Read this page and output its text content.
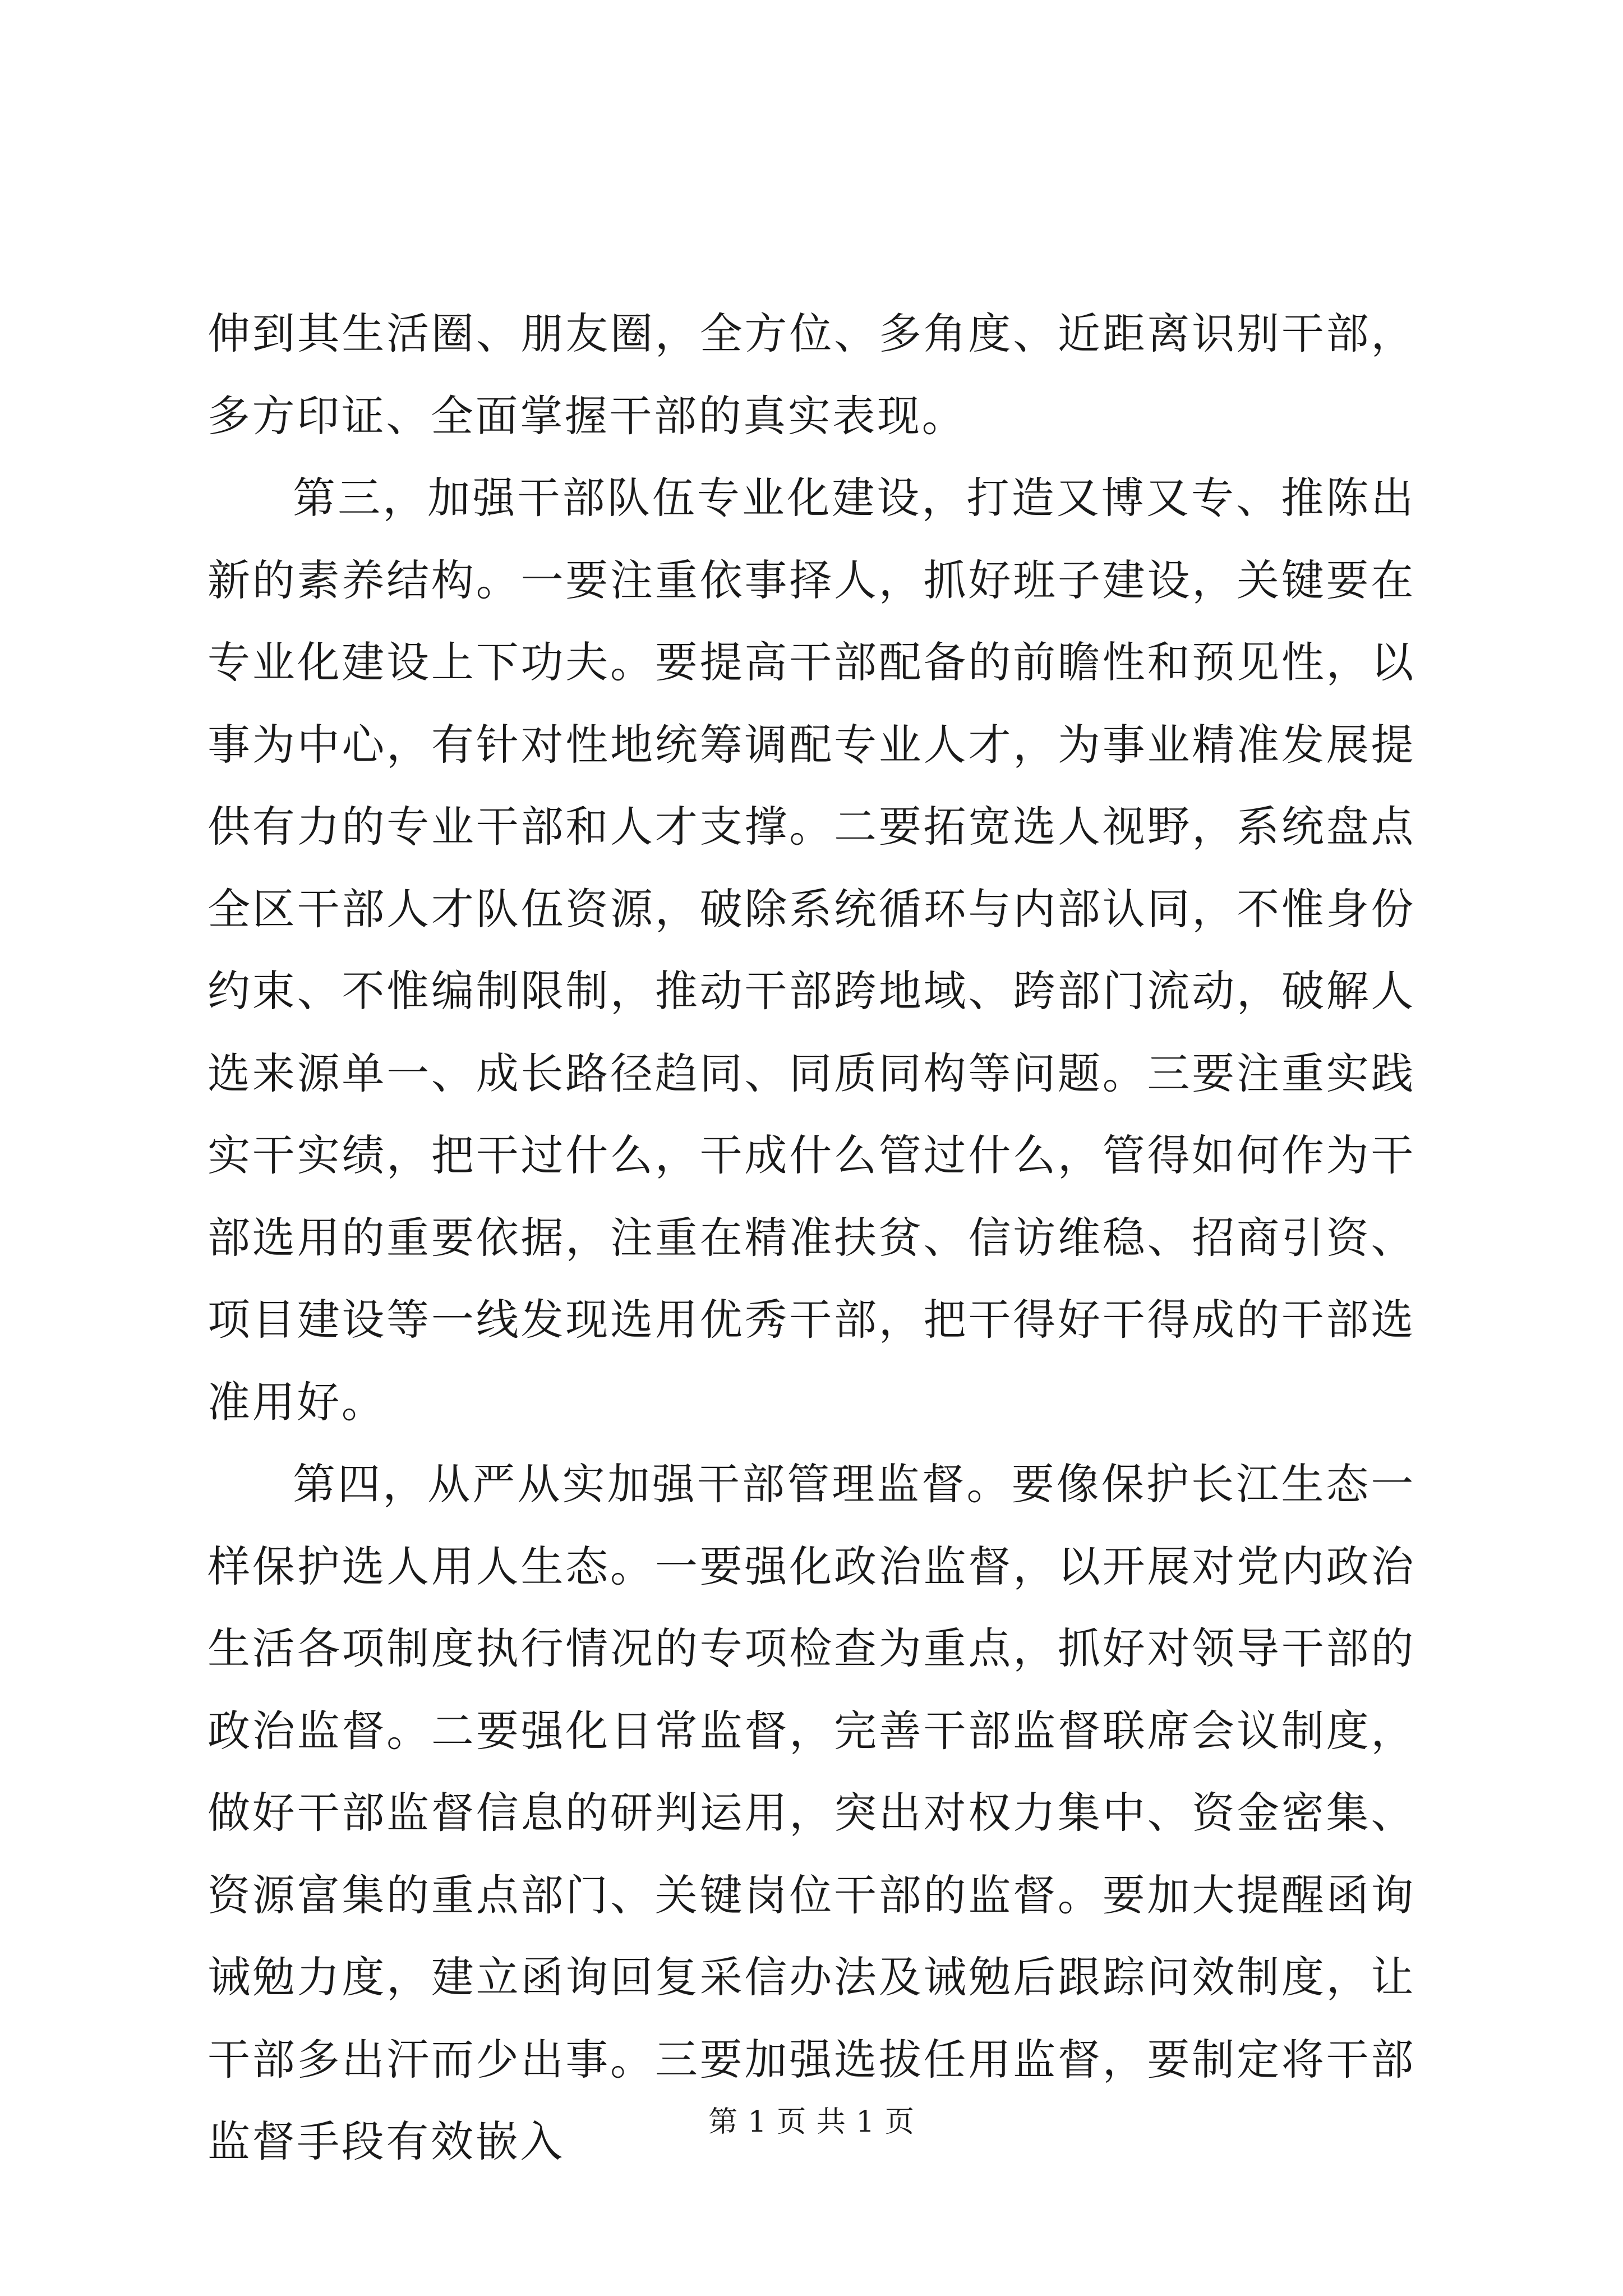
伸到其生活圈、朋友圈，全方位、多角度、近距离识别干部，多方印证、全面掌握干部的真实表现。

第三，加强干部队伍专业化建设，打造又博又专、推陈出新的素养结构。一要注重依事择人，抓好班子建设，关键要在专业化建设上下功夫。要提高干部配备的前瞻性和预见性，以事为中心，有针对性地统筹调配专业人才，为事业精准发展提供有力的专业干部和人才支撑。二要拓宽选人视野，系统盘点全区干部人才队伍资源，破除系统循环与内部认同，不惟身份约束、不惟编制限制，推动干部跨地域、跨部门流动，破解人选来源单一、成长路径趋同、同质同构等问题。三要注重实践实干实绩，把干过什么，干成什么管过什么，管得如何作为干部选用的重要依据，注重在精准扶贫、信访维稳、招商引资、项目建设等一线发现选用优秀干部，把干得好干得成的干部选准用好。

第四，从严从实加强干部管理监督。要像保护长江生态一样保护选人用人生态。一要强化政治监督，以开展对党内政治生活各项制度执行情况的专项检查为重点，抓好对领导干部的政治监督。二要强化日常监督，完善干部监督联席会议制度，做好干部监督信息的研判运用，突出对权力集中、资金密集、资源富集的重点部门、关键岗位干部的监督。要加大提醒函询诫勉力度，建立函询回复采信办法及诫勉后跟踪问效制度，让干部多出汗而少出事。三要加强选拔任用监督，要制定将干部监督手段有效嵌入	第 1 页 共 1 页
